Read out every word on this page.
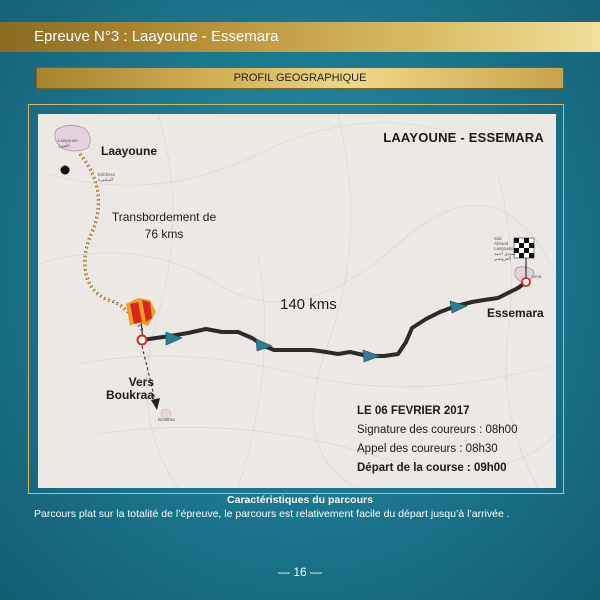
Epreuve N°3 : Laayoune - Essemara
PROFIL GEOGRAPHIQUE
LAAYOUNE - ESSEMARA
Laayoune
العيون	Laayoune
Edchera
الدشيرة
Transbordement de 76 kms
140 kms
Sidi Ahmed Laaroussi
سيدي أحمد العروسي
Sma
Essemara
Vers Boukraa
Boukraa
LE 06 FEVRIER 2017
Signature des coureurs : 08h00
Appel des coureurs : 08h30
Départ de la course : 09h00
Caractéristiques du parcours
Parcours plat sur la totalité de l’épreuve, le parcours est relativement facile du départ jusqu’à l’arrivée .
— 16 —
